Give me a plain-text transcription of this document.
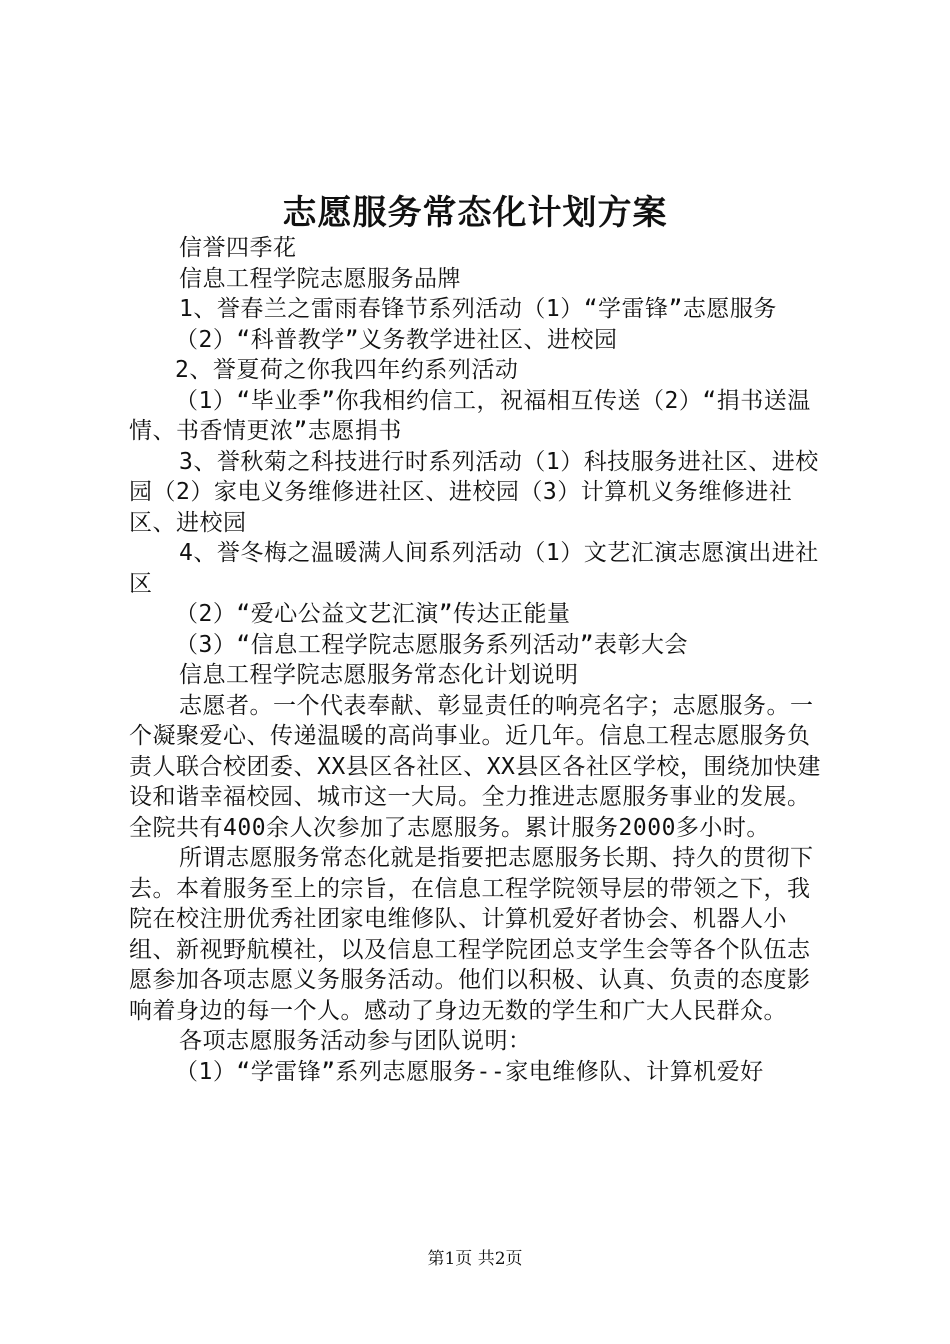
志愿服务常态化计划方案

信誉四季花

信息工程学院志愿服务品牌

1、誉春兰之雷雨春锋节系列活动（1）“学雷锋”志愿服务

（2）“科普教学”义务教学进社区、进校园

2、誉夏荷之你我四年约系列活动

（1）“毕业季”你我相约信工，祝福相互传送（2）“捐书送温情、书香情更浓”志愿捐书

3、誉秋菊之科技进行时系列活动（1）科技服务进社区、进校园（2）家电义务维修进社区、进校园（3）计算机义务维修进社区、进校园

4、誉冬梅之温暖满人间系列活动（1）文艺汇演志愿演出进社区

（2）“爱心公益文艺汇演”传达正能量

（3）“信息工程学院志愿服务系列活动”表彰大会

信息工程学院志愿服务常态化计划说明

志愿者。一个代表奉献、彰显责任的响亮名字；志愿服务。一个凝聚爱心、传递温暖的高尚事业。近几年。信息工程志愿服务负责人联合校团委、XX县区各社区、XX县区各社区学校，围绕加快建设和谐幸福校园、城市这一大局。全力推进志愿服务事业的发展。全院共有400余人次参加了志愿服务。累计服务2000多小时。

所谓志愿服务常态化就是指要把志愿服务长期、持久的贯彻下去。本着服务至上的宗旨，在信息工程学院领导层的带领之下，我院在校注册优秀社团家电维修队、计算机爱好者协会、机器人小组、新视野航模社，以及信息工程学院团总支学生会等各个队伍志愿参加各项志愿义务服务活动。他们以积极、认真、负责的态度影响着身边的每一个人。感动了身边无数的学生和广大人民群众。

各项志愿服务活动参与团队说明：

（1）“学雷锋”系列志愿服务--家电维修队、计算机爱好

第1页 共2页
